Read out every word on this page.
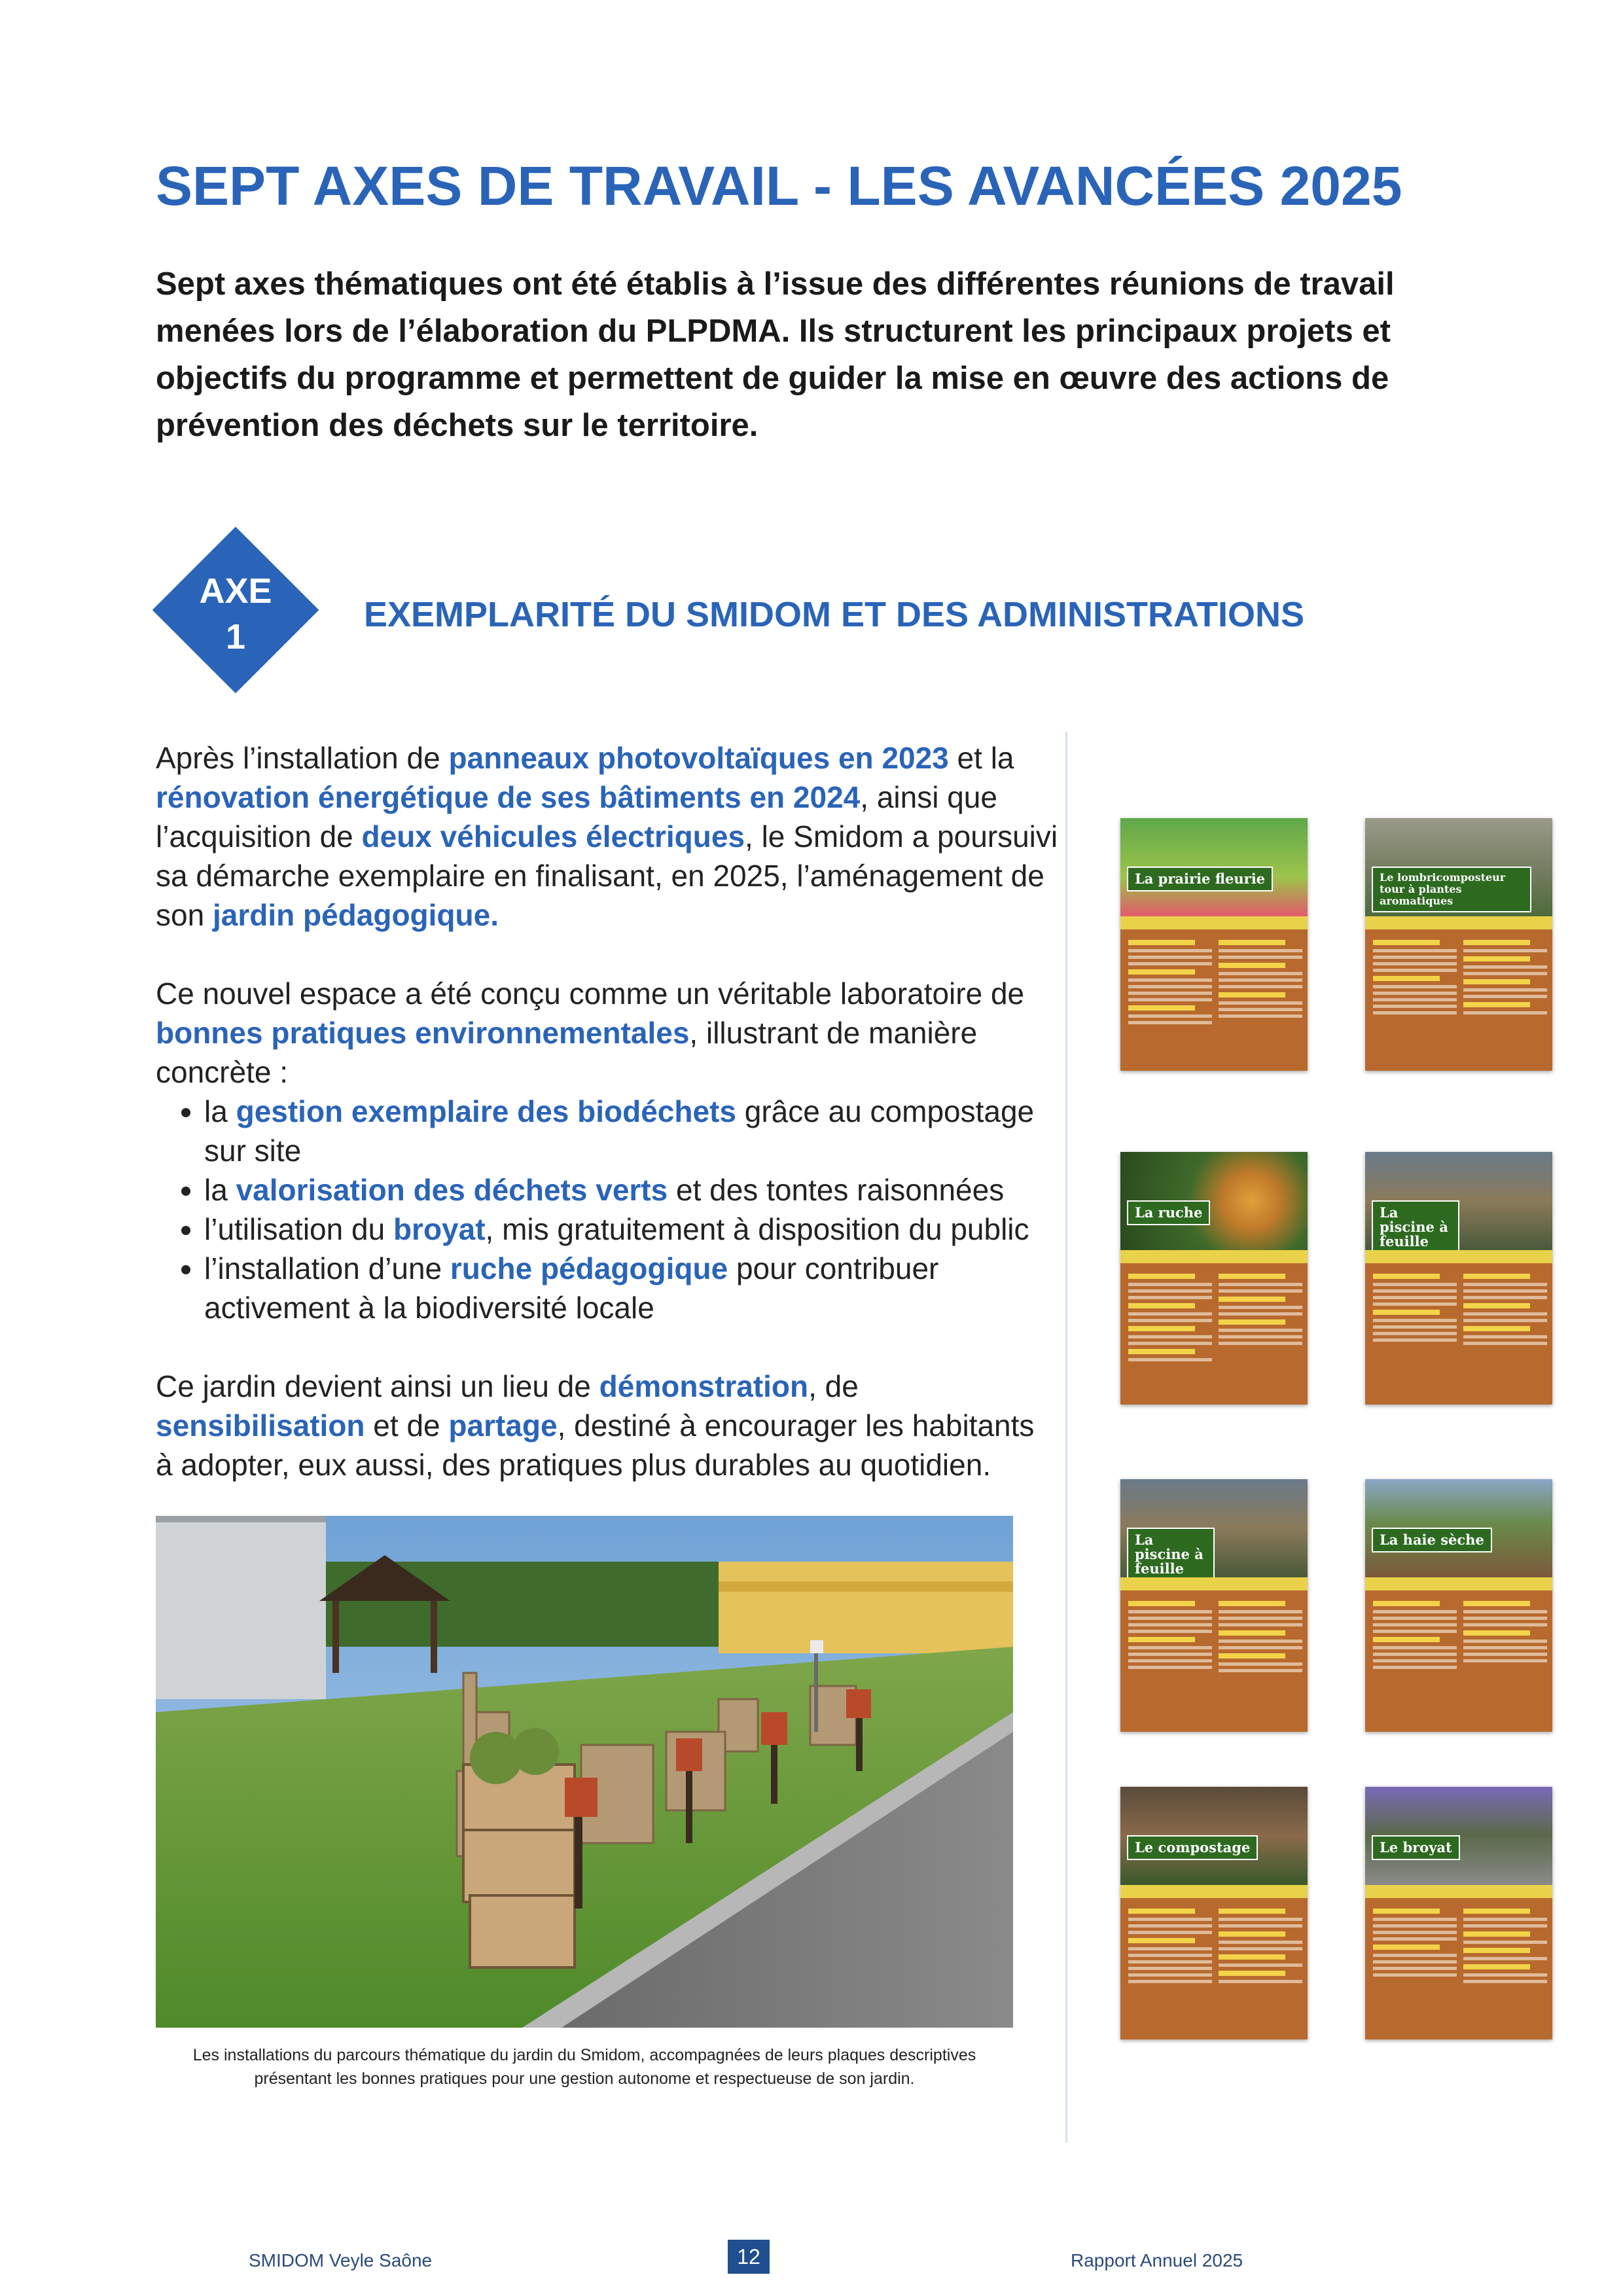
SEPT AXES DE TRAVAIL - LES AVANCÉES 2025
Sept axes thématiques ont été établis à l’issue des différentes réunions de travail menées lors de l’élaboration du PLPDMA. Ils structurent les principaux projets et objectifs du programme et permettent de guider la mise en œuvre des actions de prévention des déchets sur le territoire.
AXE
1
EXEMPLARITÉ DU SMIDOM ET DES ADMINISTRATIONS

Après l’installation de panneaux photovoltaïques en 2023 et la rénovation énergétique de ses bâtiments en 2024, ainsi que l’acquisition de deux véhicules électriques, le Smidom a poursuivi sa démarche exemplaire en finalisant, en 2025, l’aménagement de son jardin pédagogique.

Ce nouvel espace a été conçu comme un véritable laboratoire de bonnes pratiques environnementales, illustrant de manière concrète :

• la gestion exemplaire des biodéchets grâce au compostage sur site
• la valorisation des déchets verts et des tontes raisonnées
• l’utilisation du broyat, mis gratuitement à disposition du public
• l’installation d’une ruche pédagogique pour contribuer activement à la biodiversité locale

Ce jardin devient ainsi un lieu de démonstration, de sensibilisation et de partage, destiné à encourager les habitants à adopter, eux aussi, des pratiques plus durables au quotidien.

Les installations du parcours thématique du jardin du Smidom, accompagnées de leurs plaques descriptives
présentant les bonnes pratiques pour une gestion autonome et respectueuse de son jardin.
La prairie fleurie	Le lombricomposteur tour à plantes aromatiques
La ruche	La piscine à feuille
La piscine à feuille
La haie sèche
Le compostage	Le broyat
SMIDOM Veyle Saône	12	Rapport Annuel 2025
